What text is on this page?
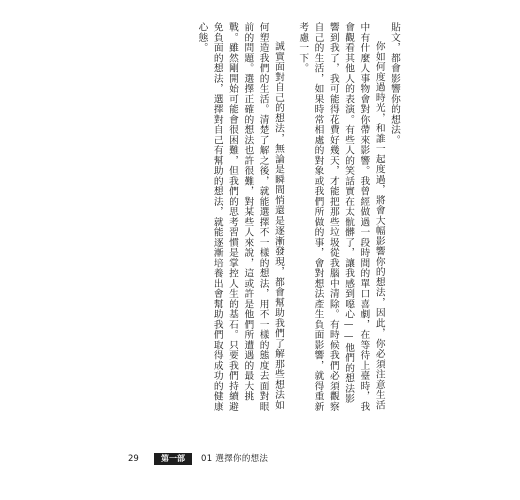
貼文，都會影響你的想法。

你如何度過時光，和誰一起度過，將會大幅影響你的想法，因此，你必須注意生活中有什麼人事物會對你帶來影響。我曾經做過一段時間的單口喜劇，在等待上臺時，我會觀看其他人的表演。有些人的笑話實在太骯髒了，讓我感到噁心——他們的想法影響到我了，我可能得花費好幾天，才能把那些垃圾從我腦中清除。有時候我們必須觀察自己的生活，如果時常相處的對象或我們所做的事，會對想法產生負面影響，就得重新考慮一下。

誠實面對自己的想法，無論是瞬間悄還是逐漸發現，都會幫助我們了解那些想法如何塑造我們的生活。清楚了解之後，就能選擇不一樣的想法，用不一樣的態度去面對眼前的問題。選擇正確的想法也許很難，對某些人來說，這或許是他們所遭遇的最大挑戰。雖然剛開始可能會很困難，但我們的思考習慣是掌控人生的基石。只要我們持續避免負面的想法，選擇對自己有幫助的想法，就能逐漸培養出會幫助我們取得成功的健康心態。

29	第一部	01 選擇你的想法
